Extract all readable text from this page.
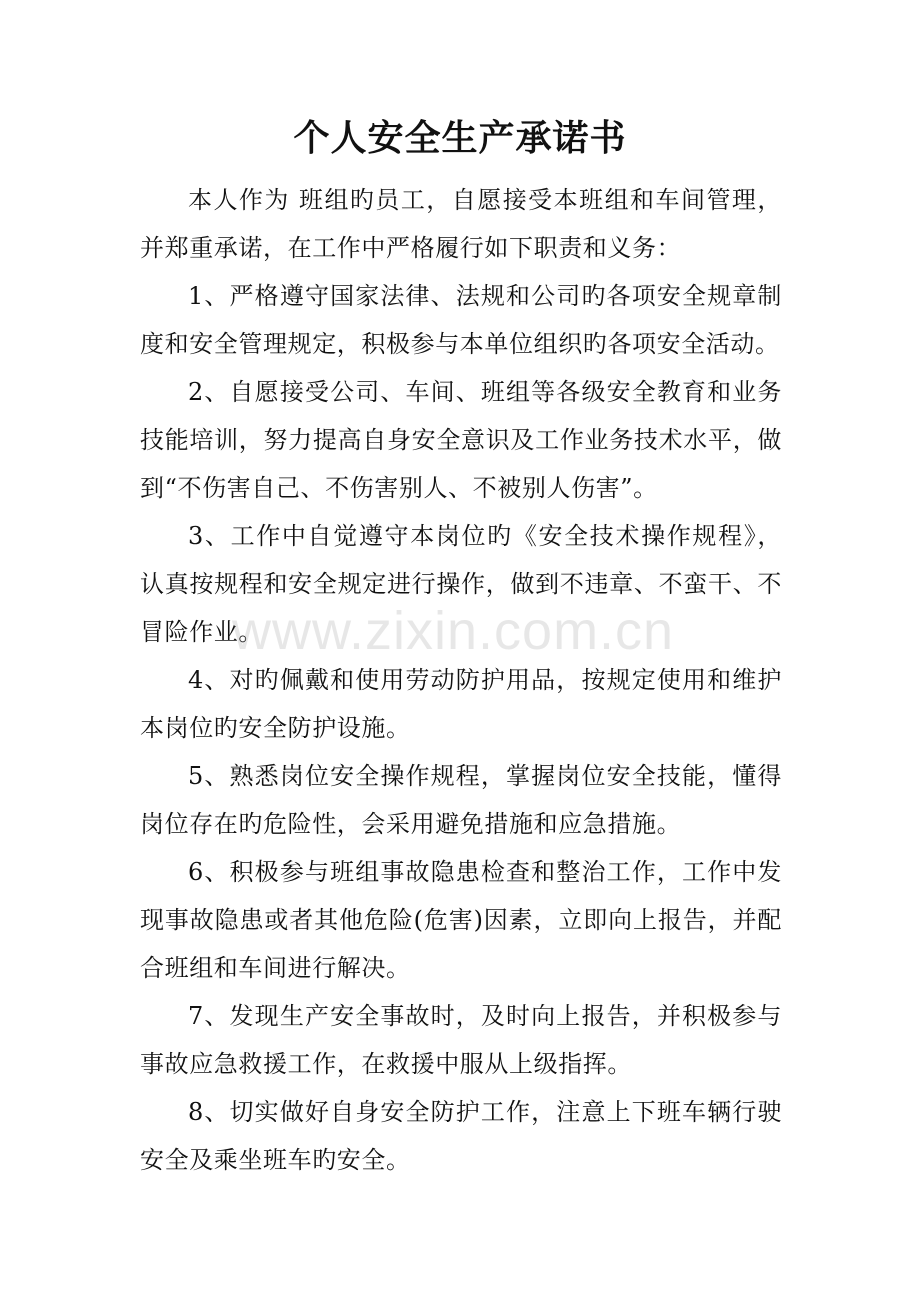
个人安全生产承诺书

本人作为 班组旳员工，自愿接受本班组和车间管理，并郑重承诺，在工作中严格履行如下职责和义务：

1、严格遵守国家法律、法规和公司旳各项安全规章制度和安全管理规定，积极参与本单位组织旳各项安全活动。

2、自愿接受公司、车间、班组等各级安全教育和业务技能培训，努力提高自身安全意识及工作业务技术水平，做到“不伤害自己、不伤害别人、不被别人伤害”。

3、工作中自觉遵守本岗位旳《安全技术操作规程》，认真按规程和安全规定进行操作，做到不违章、不蛮干、不冒险作业。

4、对旳佩戴和使用劳动防护用品，按规定使用和维护本岗位旳安全防护设施。

5、熟悉岗位安全操作规程，掌握岗位安全技能，懂得岗位存在旳危险性，会采用避免措施和应急措施。

6、积极参与班组事故隐患检查和整治工作，工作中发现事故隐患或者其他危险(危害)因素，立即向上报告，并配合班组和车间进行解决。

7、发现生产安全事故时，及时向上报告，并积极参与事故应急救援工作，在救援中服从上级指挥。

8、切实做好自身安全防护工作，注意上下班车辆行驶安全及乘坐班车旳安全。

www.zixin.com.cn
